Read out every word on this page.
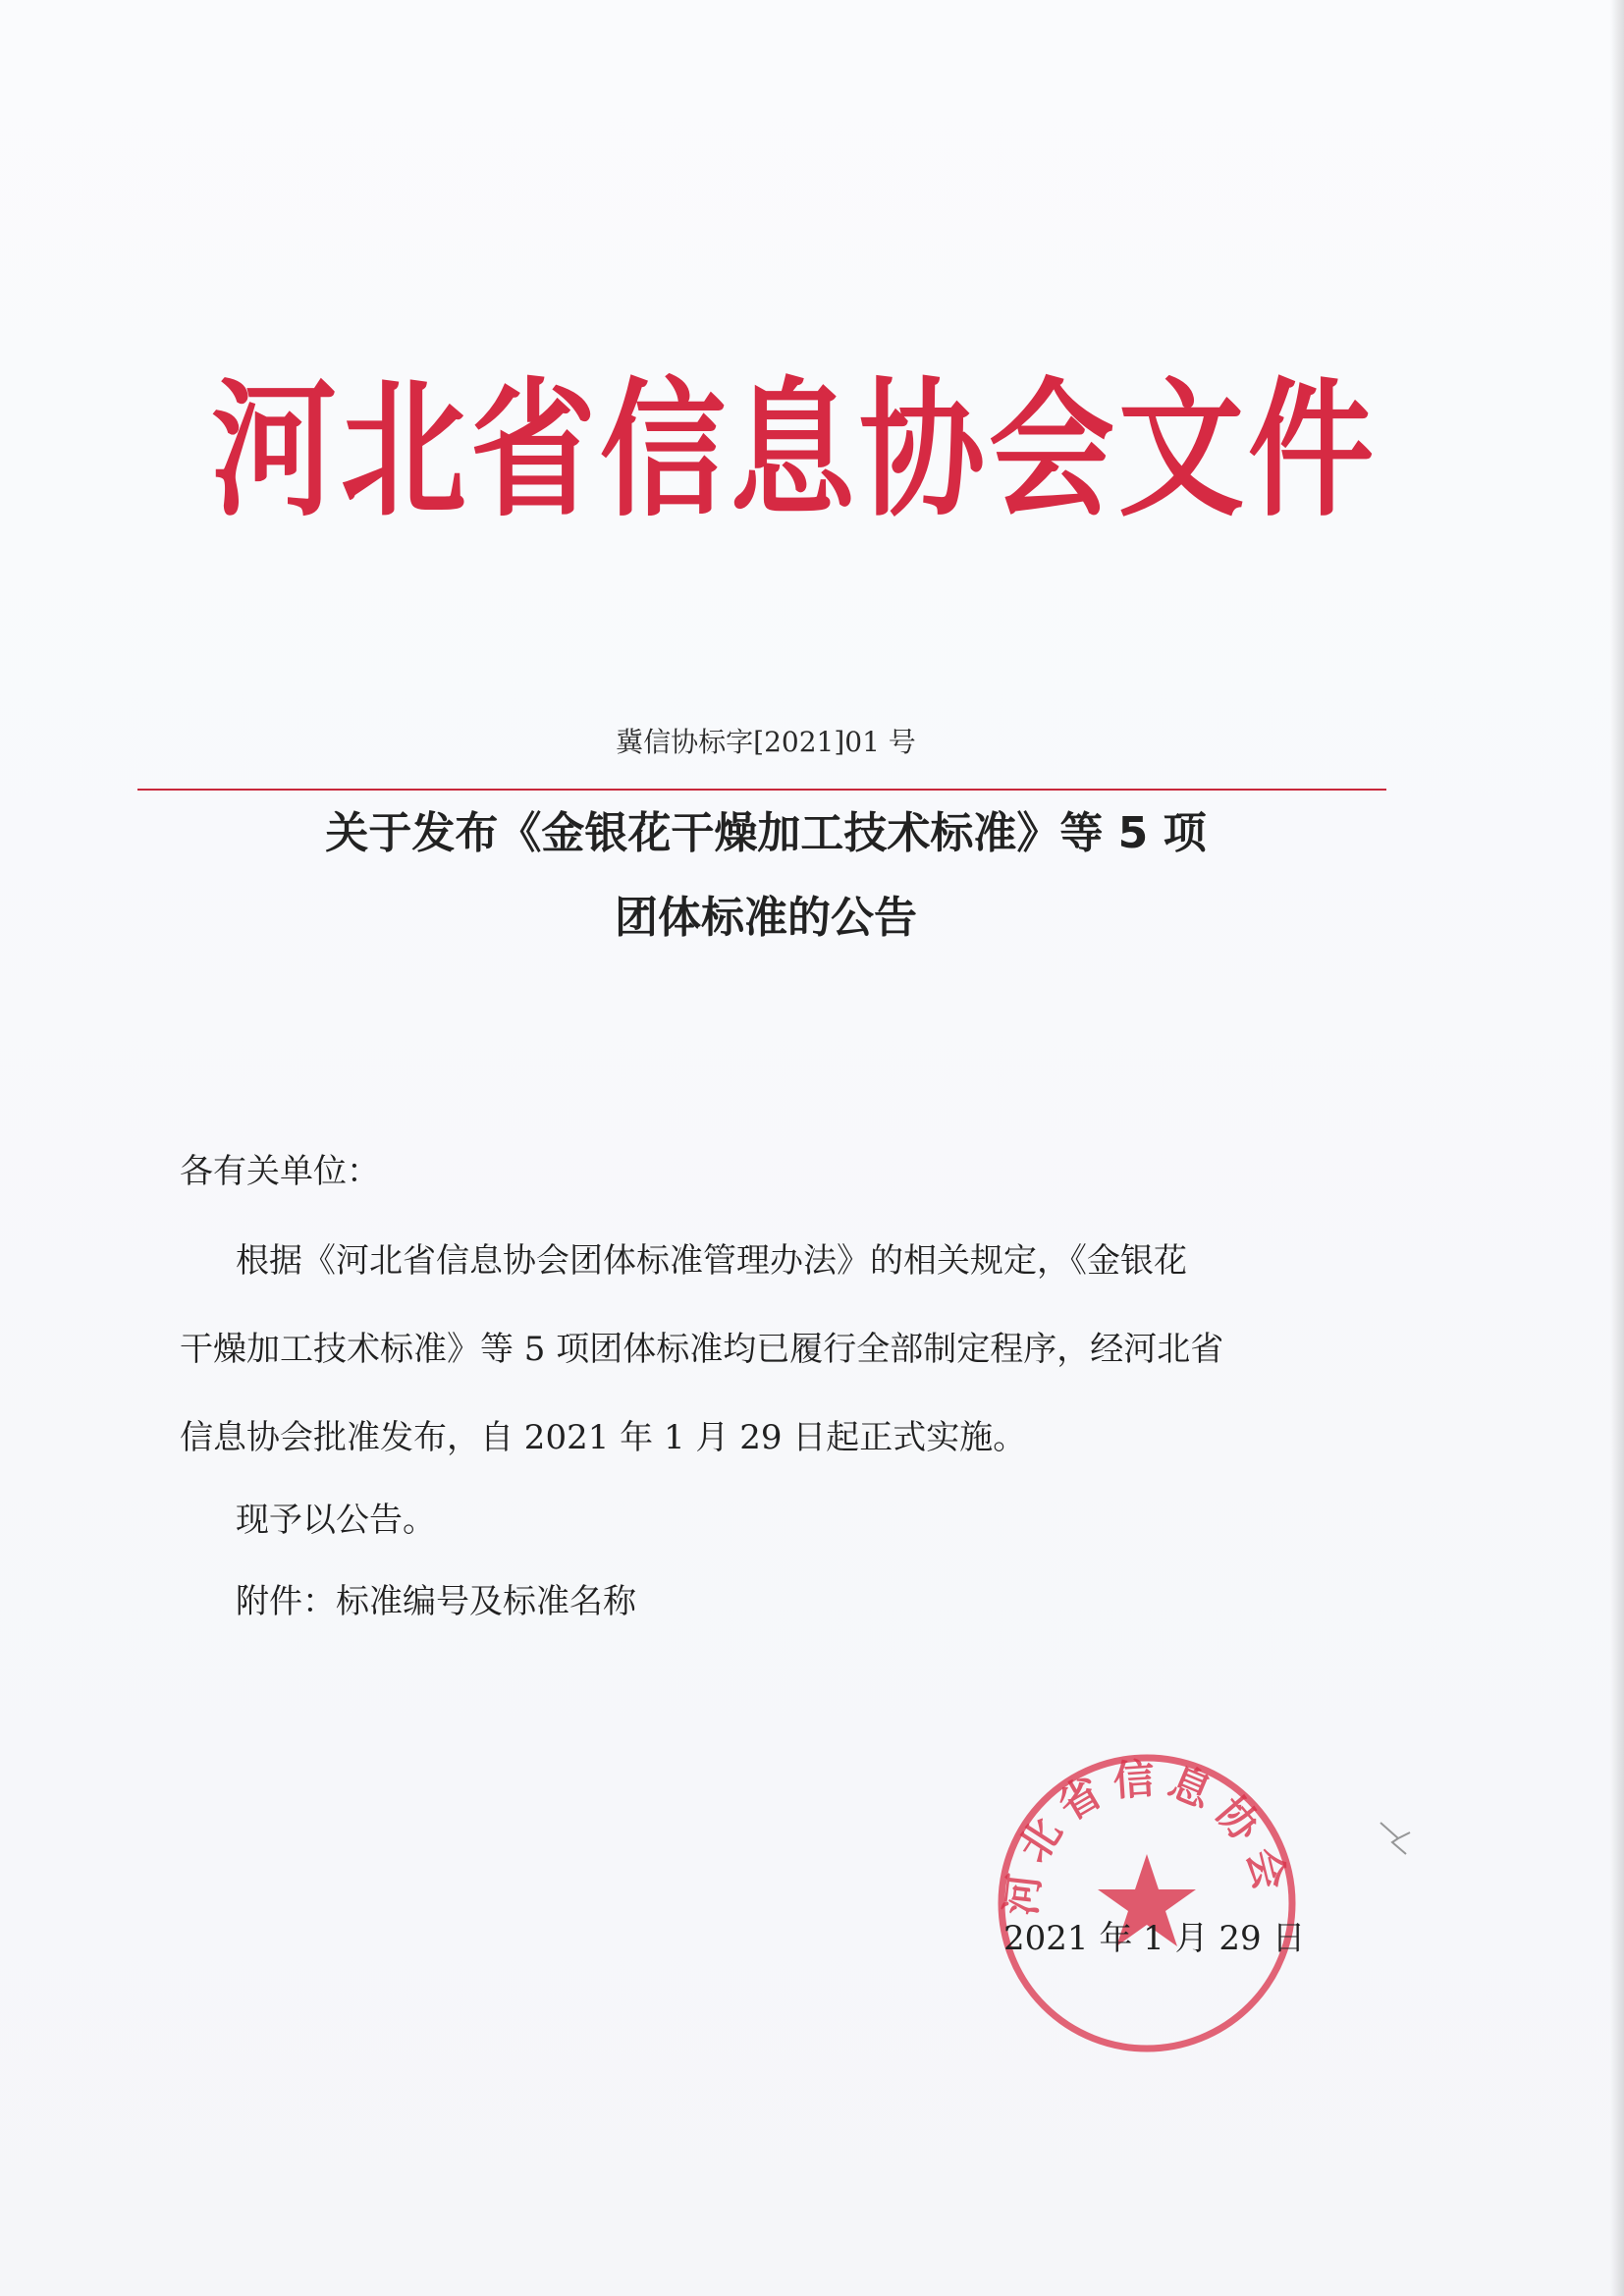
河北省信息协会文件
冀信协标字[2021]01 号
关于发布《金银花干燥加工技术标准》等 5 项
团体标准的公告
各有关单位：
根据《河北省信息协会团体标准管理办法》的相关规定，《金银花
干燥加工技术标准》等 5 项团体标准均已履行全部制定程序，经河北省
信息协会批准发布，自 2021 年 1 月 29 日起正式实施。
现予以公告。
附件：标准编号及标准名称
河北省信息协会
2021 年 1 月 29 日
